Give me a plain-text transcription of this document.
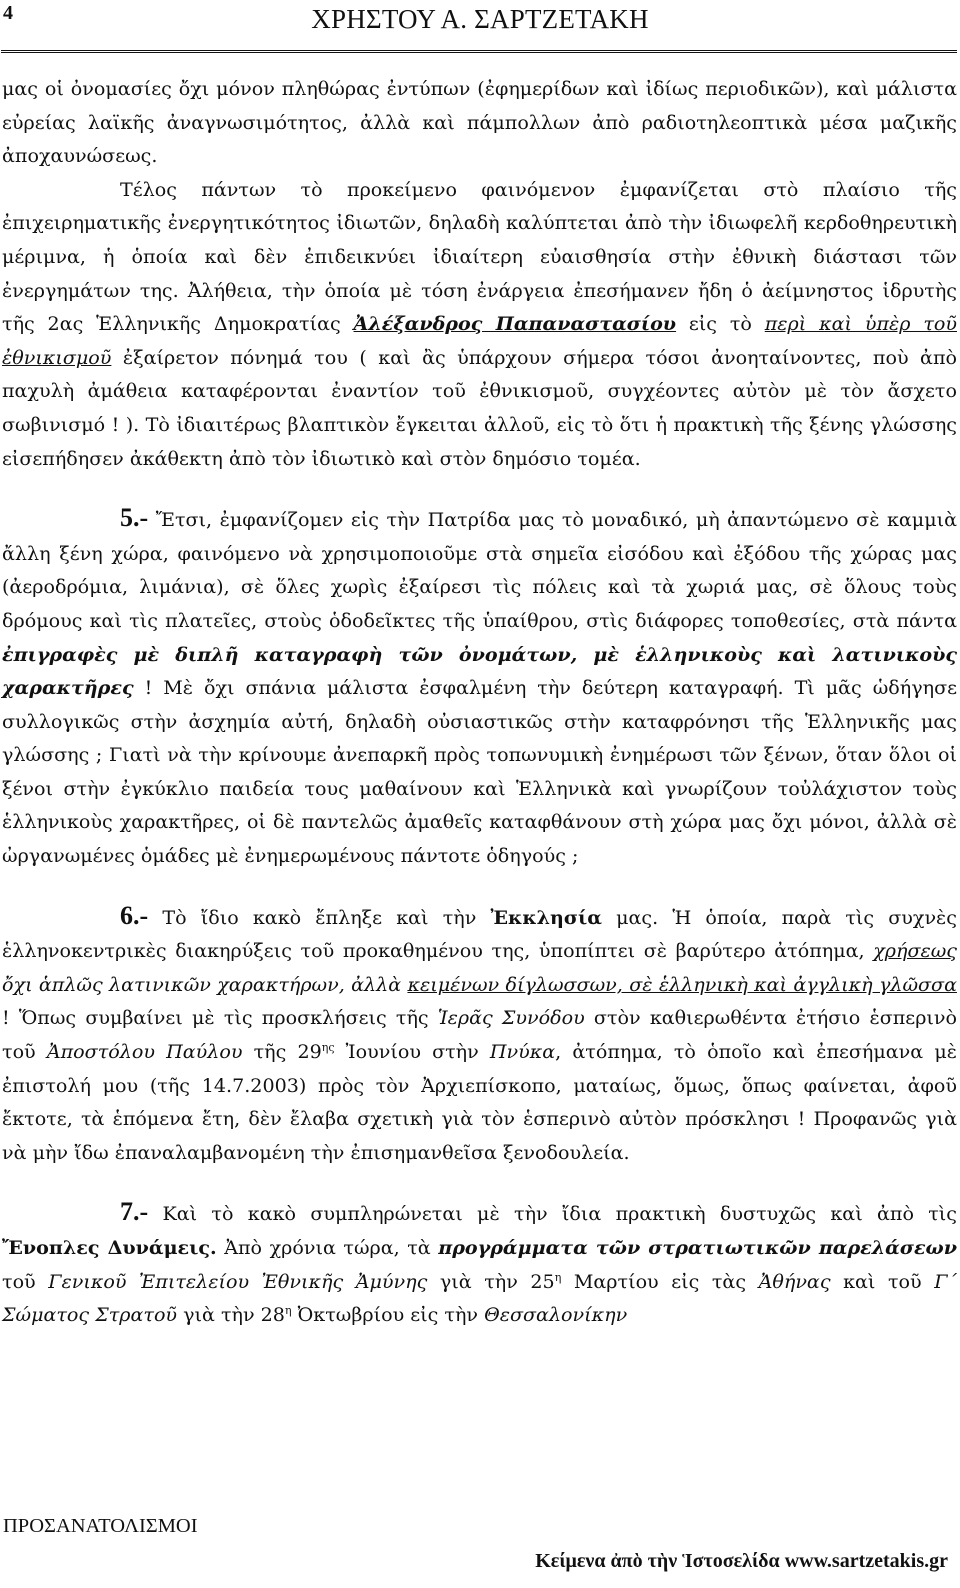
4	ΧΡΗΣΤΟΥ Α. ΣΑΡΤΖΕΤΑΚΗ

μας οἱ ὀνομασίες ὄχι μόνον πληθώρας ἐντύπων (ἐφημερίδων καὶ ἰδίως περιοδικῶν), καὶ μάλιστα εὐρείας λαϊκῆς ἀναγνωσιμότητος, ἀλλὰ καὶ πάμπολλων ἀπὸ ραδιοτηλεοπτικὰ μέσα μαζικῆς ἀποχαυνώσεως.

Τέλος πάντων τὸ προκείμενο φαινόμενον ἐμφανίζεται στὸ πλαίσιο τῆς ἐπιχειρηματικῆς ἐνεργητικότητος ἰδιωτῶν, δηλαδὴ καλύπτεται ἀπὸ τὴν ἰδιωφελῆ κερδοθηρευτικὴ μέριμνα, ἡ ὁποία καὶ δὲν ἐπιδεικνύει ἰδιαίτερη εὐαισθησία στὴν ἐθνικὴ διάστασι τῶν ἐνεργημάτων της. Ἀλήθεια, τὴν ὁποία μὲ τόση ἐνάργεια ἐπεσήμανεν ἤδη ὁ ἀείμνηστος ἱδρυτὴς τῆς 2ας Ἑλληνικῆς Δημοκρατίας Ἀλέξανδρος Παπαναστασίου εἰς τὸ περὶ καὶ ὑπὲρ τοῦ ἐθνικισμοῦ ἐξαίρετον πόνημά του ( καὶ ἂς ὑπάρχουν σήμερα τόσοι ἀνοηταίνοντες, ποὺ ἀπὸ παχυλὴ ἀμάθεια καταφέρονται ἐναντίον τοῦ ἐθνικισμοῦ, συγχέοντες αὐτὸν μὲ τὸν ἄσχετο σωβινισμό ! ). Τὸ ἰδιαιτέρως βλαπτικὸν ἔγκειται ἀλλοῦ, εἰς τὸ ὅτι ἡ πρακτικὴ τῆς ξένης γλώσσης εἰσεπήδησεν ἀκάθεκτη ἀπὸ τὸν ἰδιωτικὸ καὶ στὸν δημόσιο τομέα.

5.- Ἔτσι, ἐμφανίζομεν εἰς τὴν Πατρίδα μας τὸ μοναδικό, μὴ ἀπαντώμενο σὲ καμμιὰ ἄλλη ξένη χώρα, φαινόμενο νὰ χρησιμοποιοῦμε στὰ σημεῖα εἰσόδου καὶ ἐξόδου τῆς χώρας μας (ἀεροδρόμια, λιμάνια), σὲ ὅλες χωρὶς ἐξαίρεσι τὶς πόλεις καὶ τὰ χωριά μας, σὲ ὅλους τοὺς δρόμους καὶ τὶς πλατεῖες, στοὺς ὁδοδεῖκτες τῆς ὑπαίθρου, στὶς διάφορες τοποθεσίες, στὰ πάντα ἐπιγραφὲς μὲ διπλῆ καταγραφὴ τῶν ὀνομάτων, μὲ ἑλληνικοὺς καὶ λατινικοὺς χαρακτῆρες ! Μὲ ὄχι σπάνια μάλιστα ἐσφαλμένη τὴν δεύτερη καταγραφή. Τὶ μᾶς ὡδήγησε συλλογικῶς στὴν ἀσχημία αὐτή, δηλαδὴ οὐσιαστικῶς στὴν καταφρόνησι τῆς Ἑλληνικῆς μας γλώσσης ; Γιατὶ νὰ τὴν κρίνουμε ἀνεπαρκῆ πρὸς τοπωνυμικὴ ἐνημέρωσι τῶν ξένων, ὅταν ὅλοι οἱ ξένοι στὴν ἐγκύκλιο παιδεία τους μαθαίνουν καὶ Ἑλληνικὰ καὶ γνωρίζουν τοὐλάχιστον τοὺς ἑλληνικοὺς χαρακτῆρες, οἱ δὲ παντελῶς ἀμαθεῖς καταφθάνουν στὴ χώρα μας ὄχι μόνοι, ἀλλὰ σὲ ὠργανωμένες ὁμάδες μὲ ἐνημερωμένους πάντοτε ὁδηγούς ;

6.- Τὸ ἴδιο κακὸ ἔπληξε καὶ τὴν Ἐκκλησία μας. Ἡ ὁποία, παρὰ τὶς συχνὲς ἑλληνοκεντρικὲς διακηρύξεις τοῦ προκαθημένου της, ὑποπίπτει σὲ βαρύτερο ἀτόπημα, χρήσεως ὄχι ἁπλῶς λατινικῶν χαρακτήρων, ἀλλὰ κειμένων δίγλωσσων, σὲ ἑλληνικὴ καὶ ἀγγλικὴ γλῶσσα ! Ὅπως συμβαίνει μὲ τὶς προσκλήσεις τῆς Ἱερᾶς Συνόδου στὸν καθιερωθέντα ἐτήσιο ἑσπερινὸ τοῦ Ἀποστόλου Παύλου τῆς $29^{\eta\varsigma}$ Ἰουνίου στὴν Πνύκα, ἀτόπημα, τὸ ὁποῖο καὶ ἐπεσήμανα μὲ ἐπιστολή μου (τῆς 14.7.2003) πρὸς τὸν Ἀρχιεπίσκοπο, ματαίως, ὅμως, ὅπως φαίνεται, ἀφοῦ ἔκτοτε, τὰ ἑπόμενα ἔτη, δὲν ἔλαβα σχετικὴ γιὰ τὸν ἑσπερινὸ αὐτὸν πρόσκλησι ! Προφανῶς γιὰ νὰ μὴν ἴδω ἐπαναλαμβανομένη τὴν ἐπισημανθεῖσα ξενοδουλεία.

7.- Καὶ τὸ κακὸ συμπληρώνεται μὲ τὴν ἴδια πρακτικὴ δυστυχῶς καὶ ἀπὸ τὶς Ἔνοπλες Δυνάμεις. Ἀπὸ χρόνια τώρα, τὰ προγράμματα τῶν στρατιωτικῶν παρελάσεων τοῦ Γενικοῦ Ἐπιτελείου Ἐθνικῆς Ἀμύνης γιὰ τὴν $25^\eta$ Μαρτίου εἰς τὰς Ἀθήνας καὶ τοῦ Γ΄ Σώματος Στρατοῦ γιὰ τὴν $28^\eta$ Ὀκτωβρίου εἰς τὴν Θεσσαλονίκην

ΠΡΟΣΑΝΑΤΟΛΙΣΜΟΙ
Κείμενα ἀπὸ τὴν Ἱστοσελίδα www.sartzetakis.gr
